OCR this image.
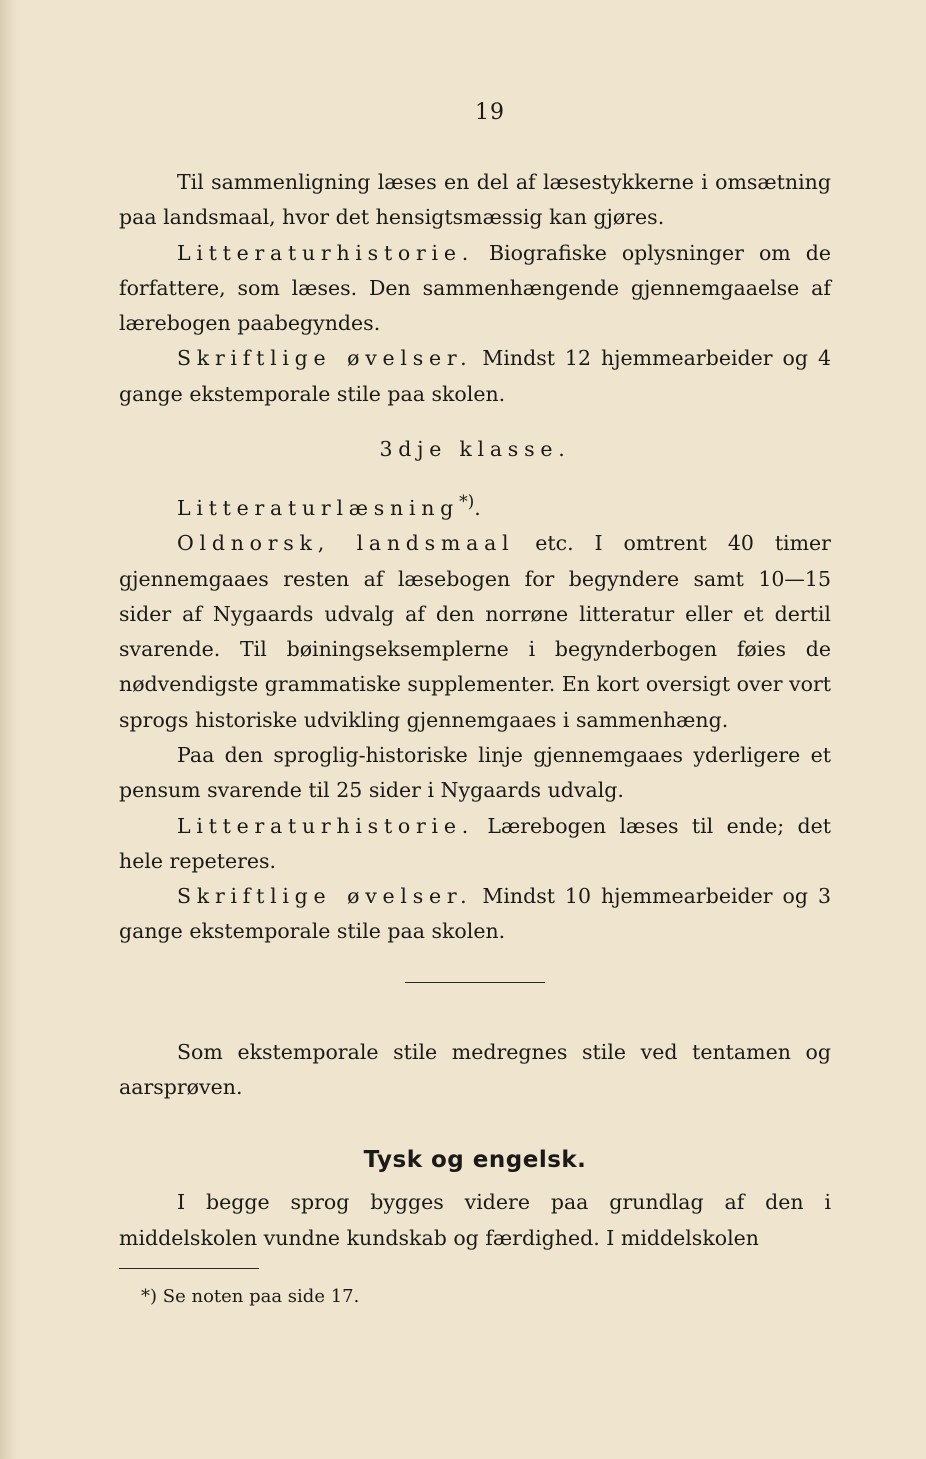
19

Til sammenligning læses en del af læsestykkerne i omsætning paa landsmaal, hvor det hensigtsmæssig kan gjøres.

Litteraturhistorie. Biografiske oplysninger om de forfattere, som læses. Den sammenhængende gjennemgaaelse af lærebogen paabegyndes.

Skriftlige øvelser. Mindst 12 hjemmearbeider og 4 gange ekstemporale stile paa skolen.

3dje klasse.

Litteraturlæsning*).

Oldnorsk, landsmaal etc. I omtrent 40 timer gjennemgaaes resten af læsebogen for begyndere samt 10—15 sider af Nygaards udvalg af den norrøne litteratur eller et dertil svarende. Til bøiningseksemplerne i begynderbogen føies de nødvendigste grammatiske supplementer. En kort oversigt over vort sprogs historiske udvikling gjennemgaaes i sammenhæng.

Paa den sproglig-historiske linje gjennemgaaes yderligere et pensum svarende til 25 sider i Nygaards udvalg.

Litteraturhistorie. Lærebogen læses til ende; det hele repeteres.

Skriftlige øvelser. Mindst 10 hjemmearbeider og 3 gange ekstemporale stile paa skolen.

Som ekstemporale stile medregnes stile ved tentamen og aarsprøven.

Tysk og engelsk.

I begge sprog bygges videre paa grundlag af den i middelskolen vundne kundskab og færdighed. I middelskolen

*) Se noten paa side 17.
